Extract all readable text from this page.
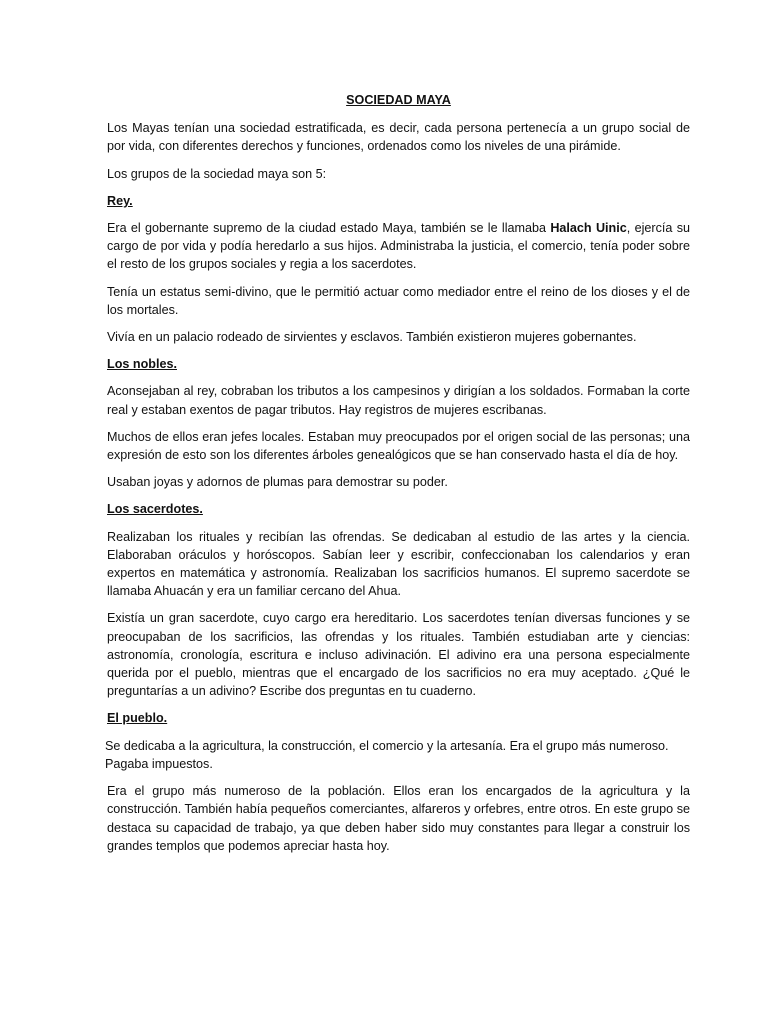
SOCIEDAD MAYA

Los Mayas tenían una sociedad estratificada, es decir, cada persona pertenecía a un grupo social de por vida, con diferentes derechos y funciones, ordenados como los niveles de una pirámide.

Los grupos de la sociedad maya son 5:

Rey.

Era el gobernante supremo de la ciudad estado Maya, también se le llamaba Halach Uinic, ejercía su cargo de por vida y podía heredarlo a sus hijos. Administraba la justicia, el comercio, tenía poder sobre el resto de los grupos sociales y regia a los sacerdotes.

Tenía un estatus semi-divino, que le permitió actuar como mediador entre el reino de los dioses y el de los mortales.

Vivía en un palacio rodeado de sirvientes y esclavos. También existieron mujeres gobernantes.

Los nobles.

Aconsejaban al rey, cobraban los tributos a los campesinos y dirigían a los soldados. Formaban la corte real y estaban exentos de pagar tributos. Hay registros de mujeres escribanas.

Muchos de ellos eran jefes locales. Estaban muy preocupados por el origen social de las personas; una expresión de esto son los diferentes árboles genealógicos que se han conservado hasta el día de hoy.

Usaban joyas y adornos de plumas para demostrar su poder.

Los sacerdotes.

Realizaban los rituales y recibían las ofrendas. Se dedicaban al estudio de las artes y la ciencia. Elaboraban oráculos y horóscopos. Sabían leer y escribir, confeccionaban los calendarios y eran expertos en matemática y astronomía. Realizaban los sacrificios humanos. El supremo sacerdote se llamaba Ahuacán y era un familiar cercano del Ahua.

Existía un gran sacerdote, cuyo cargo era hereditario. Los sacerdotes tenían diversas funciones y se preocupaban de los sacrificios, las ofrendas y los rituales. También estudiaban arte y ciencias: astronomía, cronología, escritura e incluso adivinación. El adivino era una persona especialmente querida por el pueblo, mientras que el encargado de los sacrificios no era muy aceptado. ¿Qué le preguntarías a un adivino? Escribe dos preguntas en tu cuaderno.

El pueblo.

Se dedicaba a la agricultura, la construcción, el comercio y la artesanía. Era el grupo más numeroso. Pagaba impuestos.

Era el grupo más numeroso de la población. Ellos eran los encargados de la agricultura y la construcción. También había pequeños comerciantes, alfareros y orfebres, entre otros. En este grupo se destaca su capacidad de trabajo, ya que deben haber sido muy constantes para llegar a construir los grandes templos que podemos apreciar hasta hoy.
